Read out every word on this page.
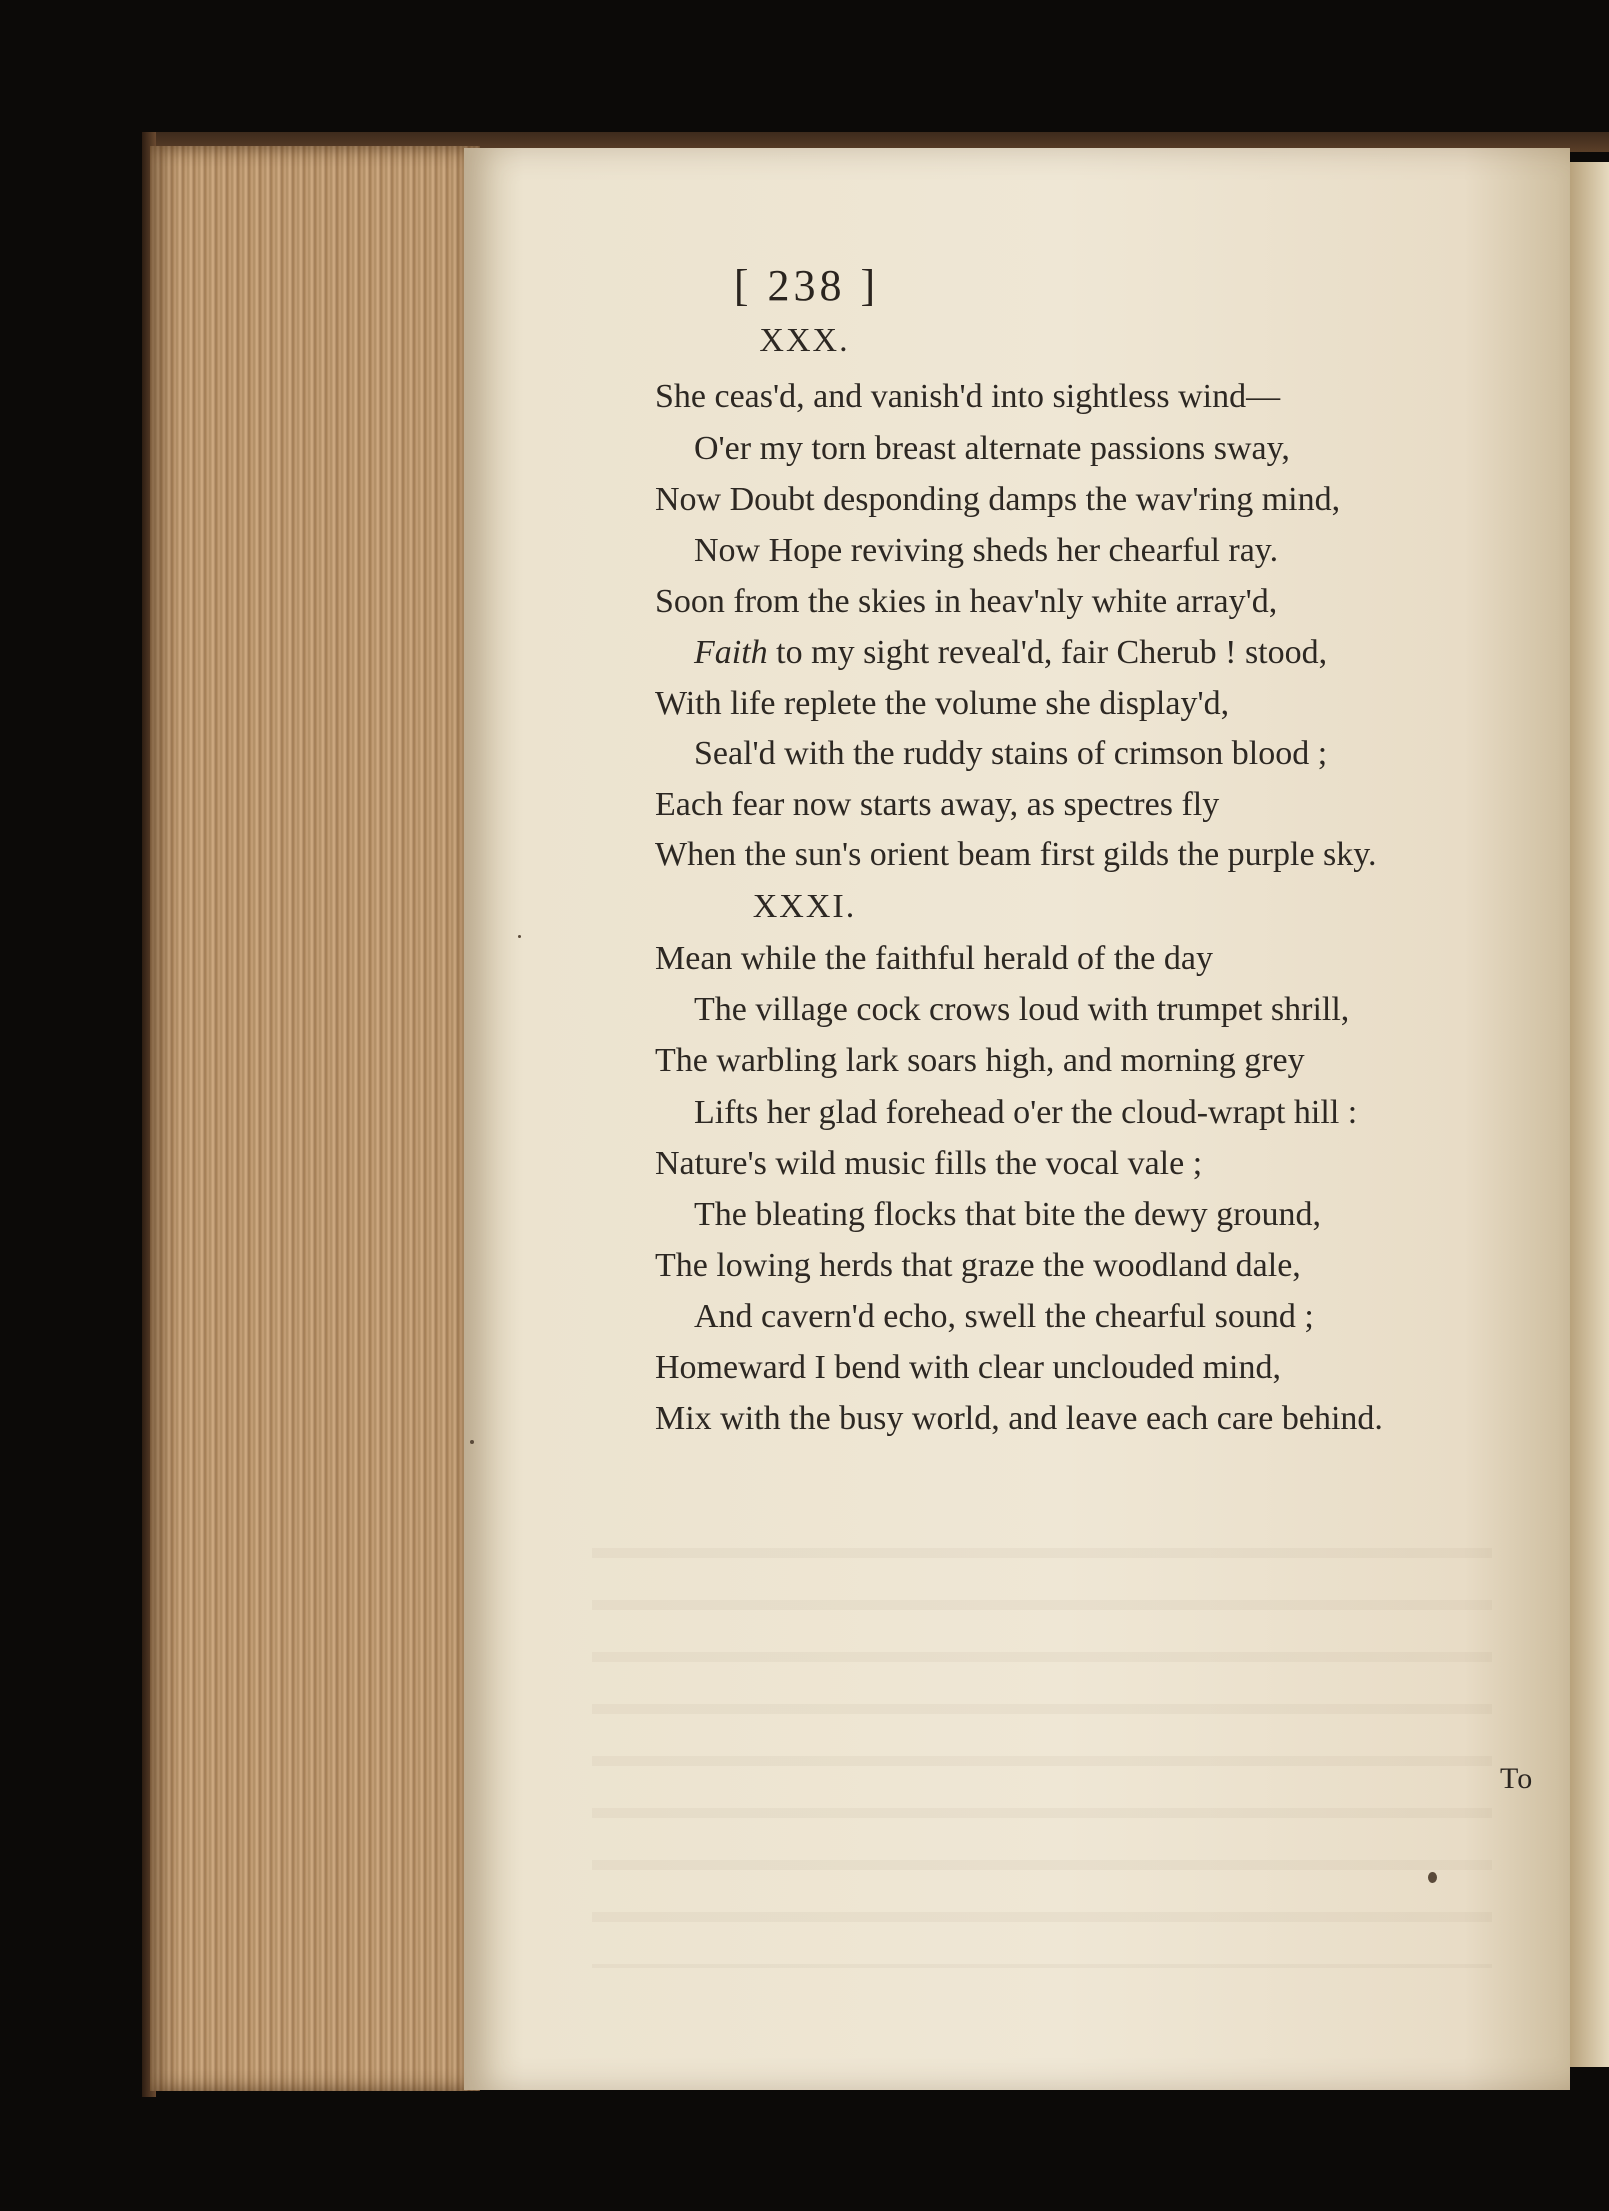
[ 238 ]
XXX.
She ceas'd, and vanish'd into sightless wind—
O'er my torn breast alternate passions sway,
Now Doubt desponding damps the wav'ring mind,
Now Hope reviving sheds her chearful ray.
Soon from the skies in heav'nly white array'd,
Faith to my sight reveal'd, fair Cherub ! stood,
With life replete the volume she display'd,
Seal'd with the ruddy stains of crimson blood ;
Each fear now starts away, as spectres fly
When the sun's orient beam first gilds the purple sky.
XXXI.
Mean while the faithful herald of the day
The village cock crows loud with trumpet shrill,
The warbling lark soars high, and morning grey
Lifts her glad forehead o'er the cloud-wrapt hill :
Nature's wild music fills the vocal vale ;
The bleating flocks that bite the dewy ground,
The lowing herds that graze the woodland dale,
And cavern'd echo, swell the chearful sound ;
Homeward I bend with clear unclouded mind,
Mix with the busy world, and leave each care behind.
To
